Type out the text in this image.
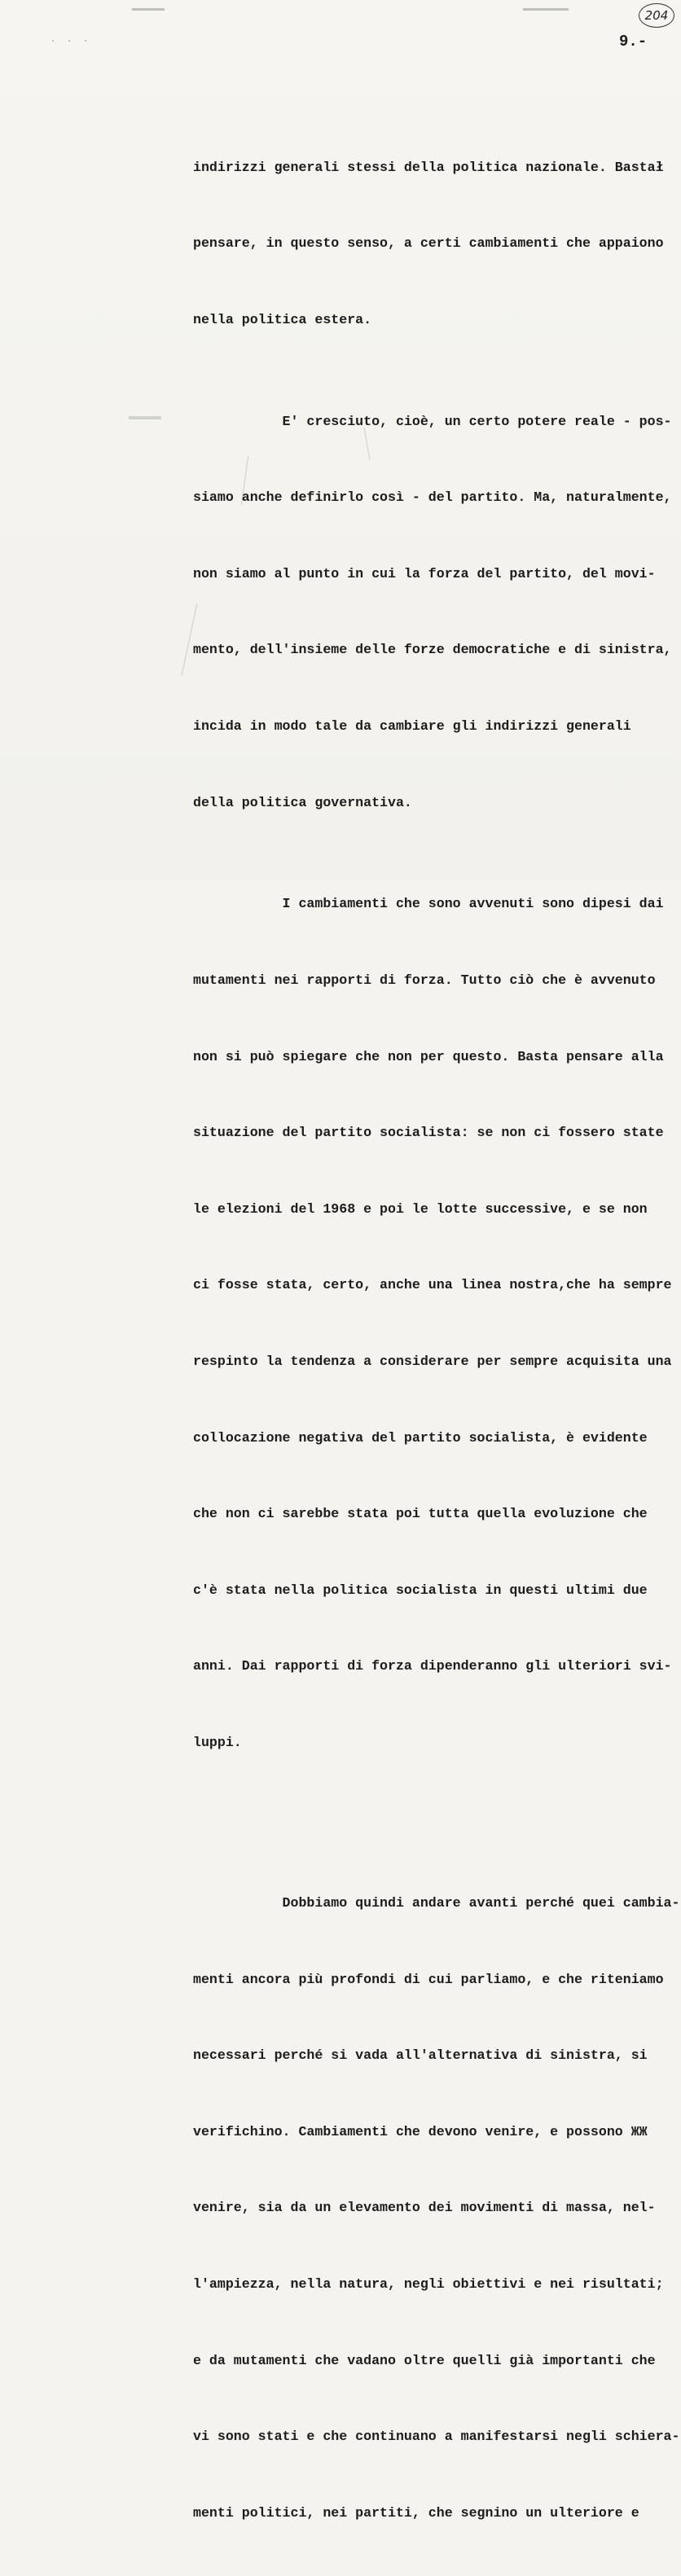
· · ·
204
9.-

indirizzi generali stessi della politica nazionale. Bastał

pensare, in questo senso, a certi cambiamenti che appaiono

nella politica estera.

E' cresciuto, cioè, un certo potere reale - pos-

siamo anche definirlo così - del partito. Ma, naturalmente,

non siamo al punto in cui la forza del partito, del movi-

mento, dell'insieme delle forze democratiche e di sinistra,

incida in modo tale da cambiare gli indirizzi generali

della politica governativa.

I cambiamenti che sono avvenuti sono dipesi dai

mutamenti nei rapporti di forza. Tutto ciò che è avvenuto

non si può spiegare che non per questo. Basta pensare alla

situazione del partito socialista: se non ci fossero state

le elezioni del 1968 e poi le lotte successive, e se non

ci fosse stata, certo, anche una linea nostra,che ha sempre

respinto la tendenza a considerare per sempre acquisita una

collocazione negativa del partito socialista, è evidente

che non ci sarebbe stata poi tutta quella evoluzione che

c'è stata nella politica socialista in questi ultimi due

anni. Dai rapporti di forza dipenderanno gli ulteriori svi-

luppi.

Dobbiamo quindi andare avanti perché quei cambia-

menti ancora più profondi di cui parliamo, e che riteniamo

necessari perché si vada all'alternativa di sinistra, si

verifichino. Cambiamenti che devono venire, e possono ЖЖ

venire, sia da un elevamento dei movimenti di massa, nel-

l'ampiezza, nella natura, negli obiettivi e nei risultati;

e da mutamenti che vadano oltre quelli già importanti che

vi sono stati e che continuano a manifestarsi negli schiera-

menti politici, nei partiti, che segnino un ulteriore e
